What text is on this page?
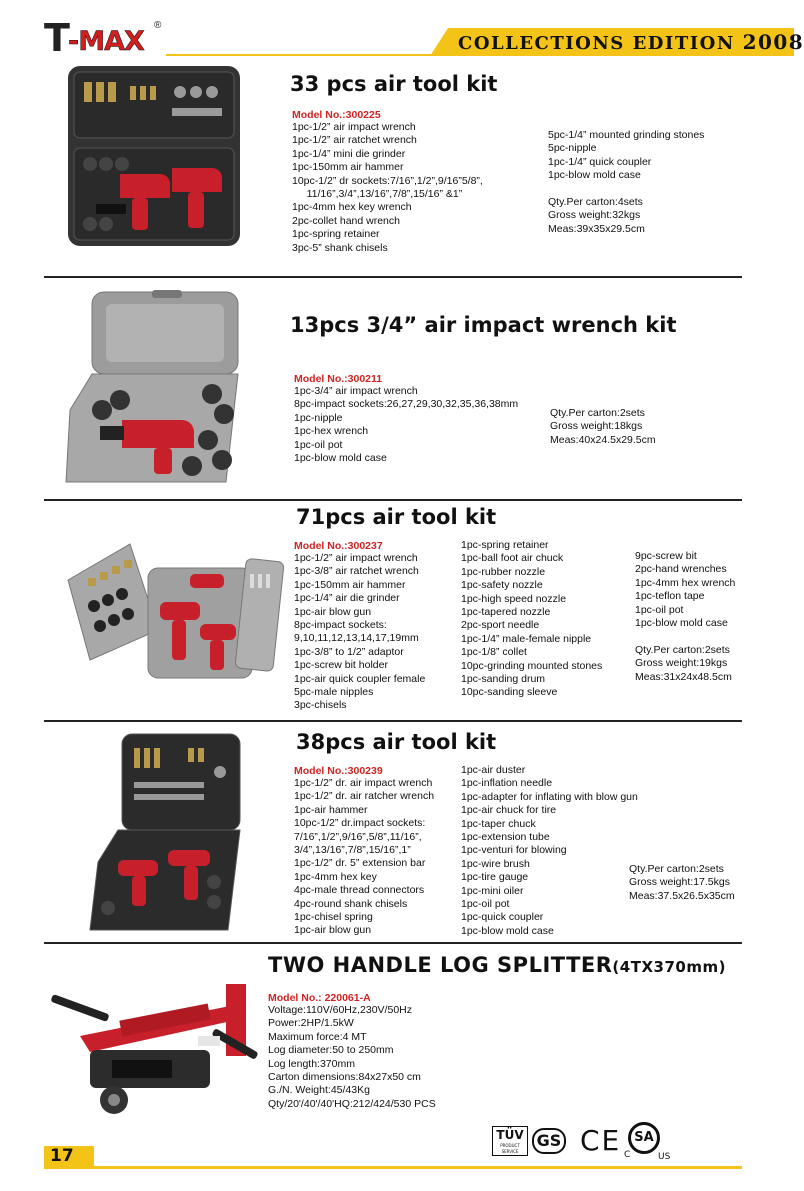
T -MAX
®
COLLECTIONS EDITION 2008
33 pcs air tool kit
Model No.:300225
1pc-1/2” air impact wrench
1pc-1/2” air ratchet wrench
1pc-1/4” mini die grinder
1pc-150mm air hammer
10pc-1/2” dr sockets:7/16”,1/2”,9/16”5/8”,
11/16”,3/4”,13/16”,7/8”,15/16” &1”
1pc-4mm hex key wrench
2pc-collet hand wrench
1pc-spring retainer
3pc-5” shank chisels
5pc-1/4” mounted grinding stones
5pc-nipple
1pc-1/4” quick coupler
1pc-blow mold case
Qty.Per carton:4sets
Gross weight:32kgs
Meas:39x35x29.5cm
13pcs 3/4” air impact wrench kit
Model No.:300211
1pc-3/4” air impact wrench
8pc-impact sockets:26,27,29,30,32,35,36,38mm
1pc-nipple
1pc-hex wrench
1pc-oil pot
1pc-blow mold case
Qty.Per carton:2sets
Gross weight:18kgs
Meas:40x24.5x29.5cm
71pcs air tool kit
Model No.:300237
1pc-1/2” air impact wrench
1pc-3/8” air ratchet wrench
1pc-150mm air hammer
1pc-1/4” air die grinder
1pc-air blow gun
8pc-impact sockets:
9,10,11,12,13,14,17,19mm
1pc-3/8” to 1/2” adaptor
1pc-screw bit holder
1pc-air quick coupler female
5pc-male nipples
3pc-chisels
1pc-spring retainer
1pc-ball foot air chuck
1pc-rubber nozzle
1pc-safety nozzle
1pc-high speed nozzle
1pc-tapered nozzle
2pc-sport needle
1pc-1/4” male-female nipple
1pc-1/8” collet
10pc-grinding mounted stones
1pc-sanding drum
10pc-sanding sleeve
9pc-screw bit
2pc-hand wrenches
1pc-4mm hex wrench
1pc-teflon tape
1pc-oil pot
1pc-blow mold case
Qty.Per carton:2sets
Gross weight:19kgs
Meas:31x24x48.5cm
38pcs air tool kit
Model No.:300239
1pc-1/2” dr. air impact wrench
1pc-1/2” dr. air ratcher wrench
1pc-air hammer
10pc-1/2” dr.impact sockets:
7/16”,1/2”,9/16”,5/8”,11/16”,
3/4”,13/16”,7/8”,15/16”,1”
1pc-1/2” dr. 5” extension bar
1pc-4mm hex key
4pc-male thread connectors
4pc-round shank chisels
1pc-chisel spring
1pc-air blow gun
1pc-air duster
1pc-inflation needle
1pc-adapter for inflating with blow gun
1pc-air chuck for tire
1pc-taper chuck
1pc-extension tube
1pc-venturi for blowing
1pc-wire brush
1pc-tire gauge
1pc-mini oiler
1pc-oil pot
1pc-quick coupler
1pc-blow mold case
Qty.Per carton:2sets
Gross weight:17.5kgs
Meas:37.5x26.5x35cm
TWO HANDLE LOG SPLITTER(4TX370mm)
Model No.: 220061-A
Voltage:110V/60Hz,230V/50Hz
Power:2HP/1.5kW
Maximum force:4 MT
Log diameter:50 to 250mm
Log length:370mm
Carton dimensions:84x27x50 cm
G./N. Weight:45/43Kg
Qty/20'/40'/40'HQ:212/424/530 PCS
TÜV
PRODUCT SERVICE
GS CE	SA
C	US
17
